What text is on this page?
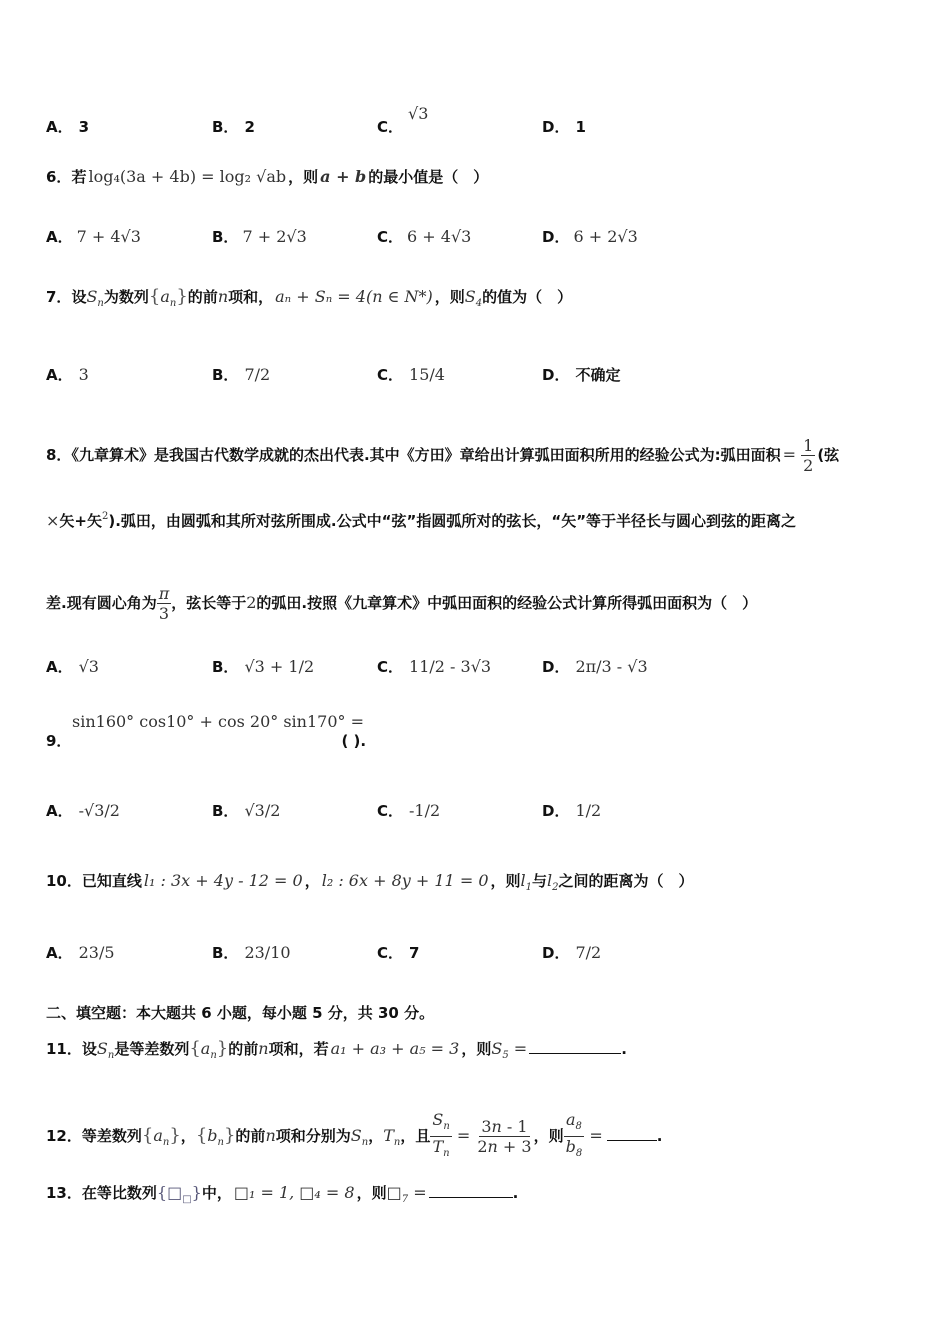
A． 3	B． 2	C．
√3
D． 1
6．若 log₄(3a + 4b) = log₂ √ab ，则 a + b 的最小值是（　）
A． 7 + 4√3	B． 7 + 2√3	C． 6 + 4√3	D． 6 + 2√3
7．设$S_n$为数列$\{a_n\}$的前n项和， aₙ + Sₙ = 4(n ∈ N*) ，则$S_4$的值为（　）
A． 3	B． 7/2	C． 15/4	D． 不确定
8．《九章算术》是我国古代数学成就的杰出代表.其中《方田》章给出计算弧田面积所用的经验公式为:弧田面积 = $\frac{1}{2}$ (弦
×矢+矢$^2$).弧田，由圆弧和其所对弦所围成.公式中“弦”指圆弧所对的弦长，“矢”等于半径长与圆心到弦的距离之
差.现有圆心角为 $\frac{\pi}{3}$ ，弦长等于2的弧田.按照《九章算术》中弧田面积的经验公式计算所得弧田面积为（　）
A． √3	B． √3 + 1/2	C． 11/2 - 3√3	D． 2π/3 - √3
sin160° cos10° + cos 20° sin170° =
9．	( ).
A． -√3/2	B． √3/2	C． -1/2	D． 1/2
10．已知直线 l₁ : 3x + 4y - 12 = 0 ， l₂ : 6x + 8y + 11 = 0 ，则$l_1$与$l_2$之间的距离为（　）
A． 23/5	B． 23/10	C． 7	D． 7/2
二、填空题：本大题共 6 小题，每小题 5 分，共 30 分。
11．设$S_n$是等差数列$\{a_n\}$的前n项和，若 a₁ + a₃ + a₅ = 3 ，则$S_5$ =	.
12．等差数列$\{a_n\}$，$\{b_n\}$的前n项和分别为$S_n$，$T_n$，且 $\frac{S_n}{T_n} = \frac{3n - 1}{2n + 3}$ ，则 $\frac{a_8}{b_8}$ =	.
13．在等比数列$\{□_□\}$中， □₁ = 1, □₄ = 8 ，则$□_7$ =	.
